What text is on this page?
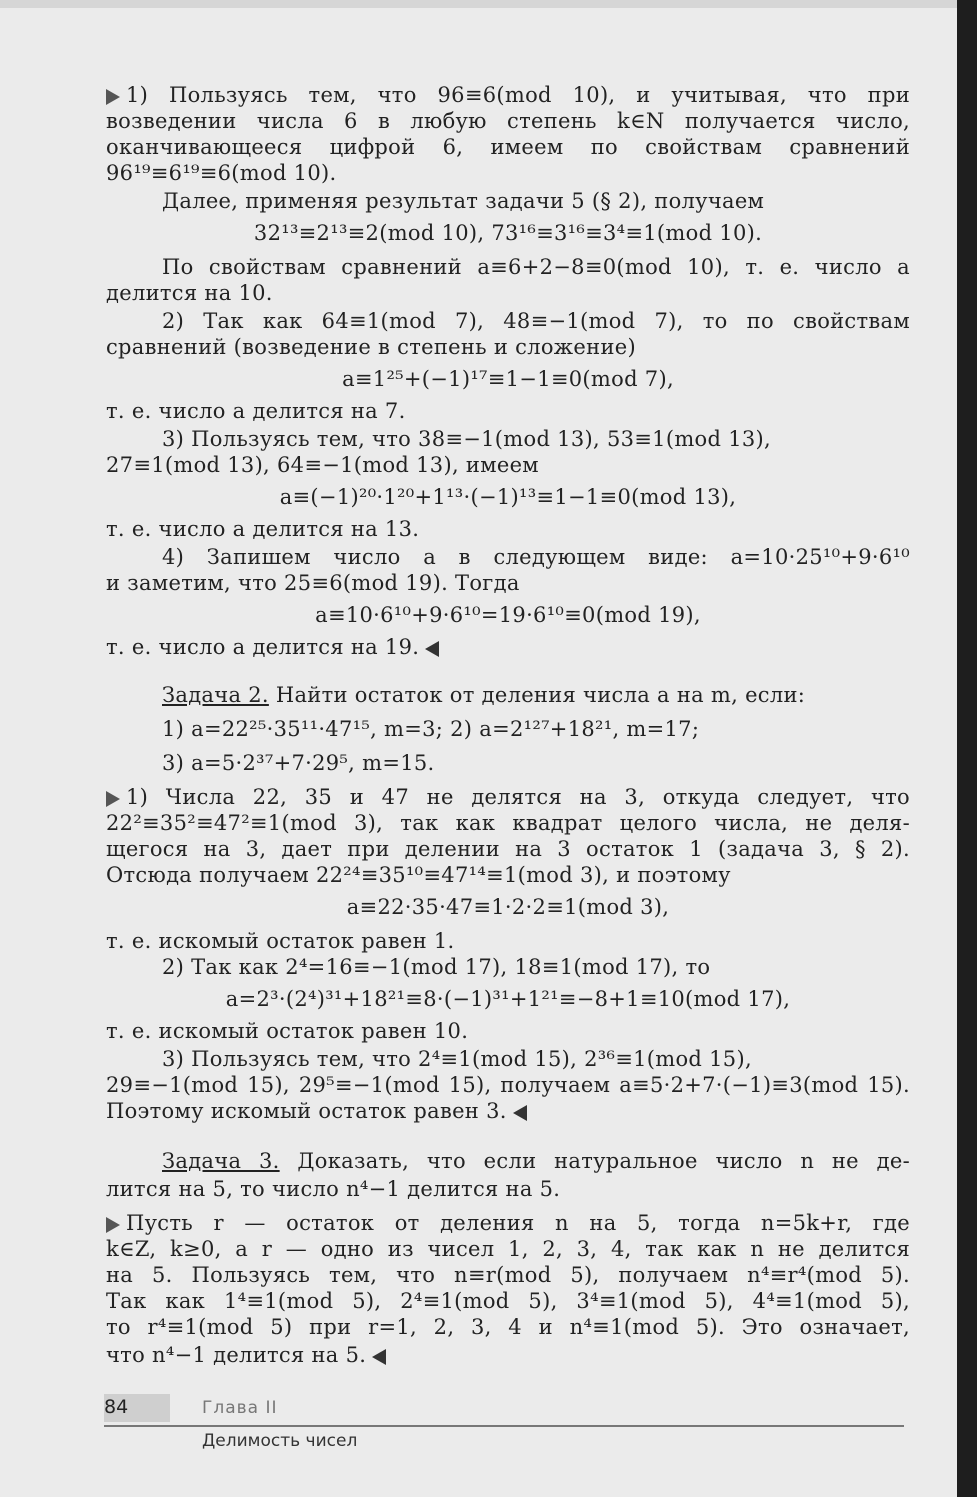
1) Пользуясь тем, что 96≡6(mod 10), и учитывая, что при
возведении числа 6 в любую степень k∈N получается число,
оканчивающееся цифрой 6, имеем по свойствам сравнений
96¹⁹≡6¹⁹≡6(mod 10).
Далее, применяя результат задачи 5 (§ 2), получаем
32¹³≡2¹³≡2(mod 10), 73¹⁶≡3¹⁶≡3⁴≡1(mod 10).
По свойствам сравнений a≡6+2−8≡0(mod 10), т. е. число a
делится на 10.
2) Так как 64≡1(mod 7), 48≡−1(mod 7), то по свойствам
сравнений (возведение в степень и сложение)
a≡1²⁵+(−1)¹⁷≡1−1≡0(mod 7),
т. е. число a делится на 7.
3) Пользуясь тем, что 38≡−1(mod 13), 53≡1(mod 13),
27≡1(mod 13), 64≡−1(mod 13), имеем
a≡(−1)²⁰·1²⁰+1¹³·(−1)¹³≡1−1≡0(mod 13),
т. е. число a делится на 13.
4) Запишем число a в следующем виде: a=10·25¹⁰+9·6¹⁰
и заметим, что 25≡6(mod 19). Тогда
a≡10·6¹⁰+9·6¹⁰=19·6¹⁰≡0(mod 19),
т. е. число a делится на 19.
Задача 2. Найти остаток от деления числа a на m, если:
1) a=22²⁵·35¹¹·47¹⁵, m=3; 2) a=2¹²⁷+18²¹, m=17;
3) a=5·2³⁷+7·29⁵, m=15.
1) Числа 22, 35 и 47 не делятся на 3, откуда следует, что
22²≡35²≡47²≡1(mod 3), так как квадрат целого числа, не деля-
щегося на 3, дает при делении на 3 остаток 1 (задача 3, § 2).
Отсюда получаем 22²⁴≡35¹⁰≡47¹⁴≡1(mod 3), и поэтому
a≡22·35·47≡1·2·2≡1(mod 3),
т. е. искомый остаток равен 1.
2) Так как 2⁴=16≡−1(mod 17), 18≡1(mod 17), то
a=2³·(2⁴)³¹+18²¹≡8·(−1)³¹+1²¹≡−8+1≡10(mod 17),
т. е. искомый остаток равен 10.
3) Пользуясь тем, что 2⁴≡1(mod 15), 2³⁶≡1(mod 15),
29≡−1(mod 15), 29⁵≡−1(mod 15), получаем a≡5·2+7·(−1)≡3(mod 15).
Поэтому искомый остаток равен 3.
Задача 3. Доказать, что если натуральное число n не де-
лится на 5, то число n⁴−1 делится на 5.
Пусть r — остаток от деления n на 5, тогда n=5k+r, где
k∈Z, k≥0, а r — одно из чисел 1, 2, 3, 4, так как n не делится
на 5. Пользуясь тем, что n≡r(mod 5), получаем n⁴≡r⁴(mod 5).
Так как 1⁴≡1(mod 5), 2⁴≡1(mod 5), 3⁴≡1(mod 5), 4⁴≡1(mod 5),
то r⁴≡1(mod 5) при r=1, 2, 3, 4 и n⁴≡1(mod 5). Это означает,
что n⁴−1 делится на 5.
84	Глава II
Делимость чисел
